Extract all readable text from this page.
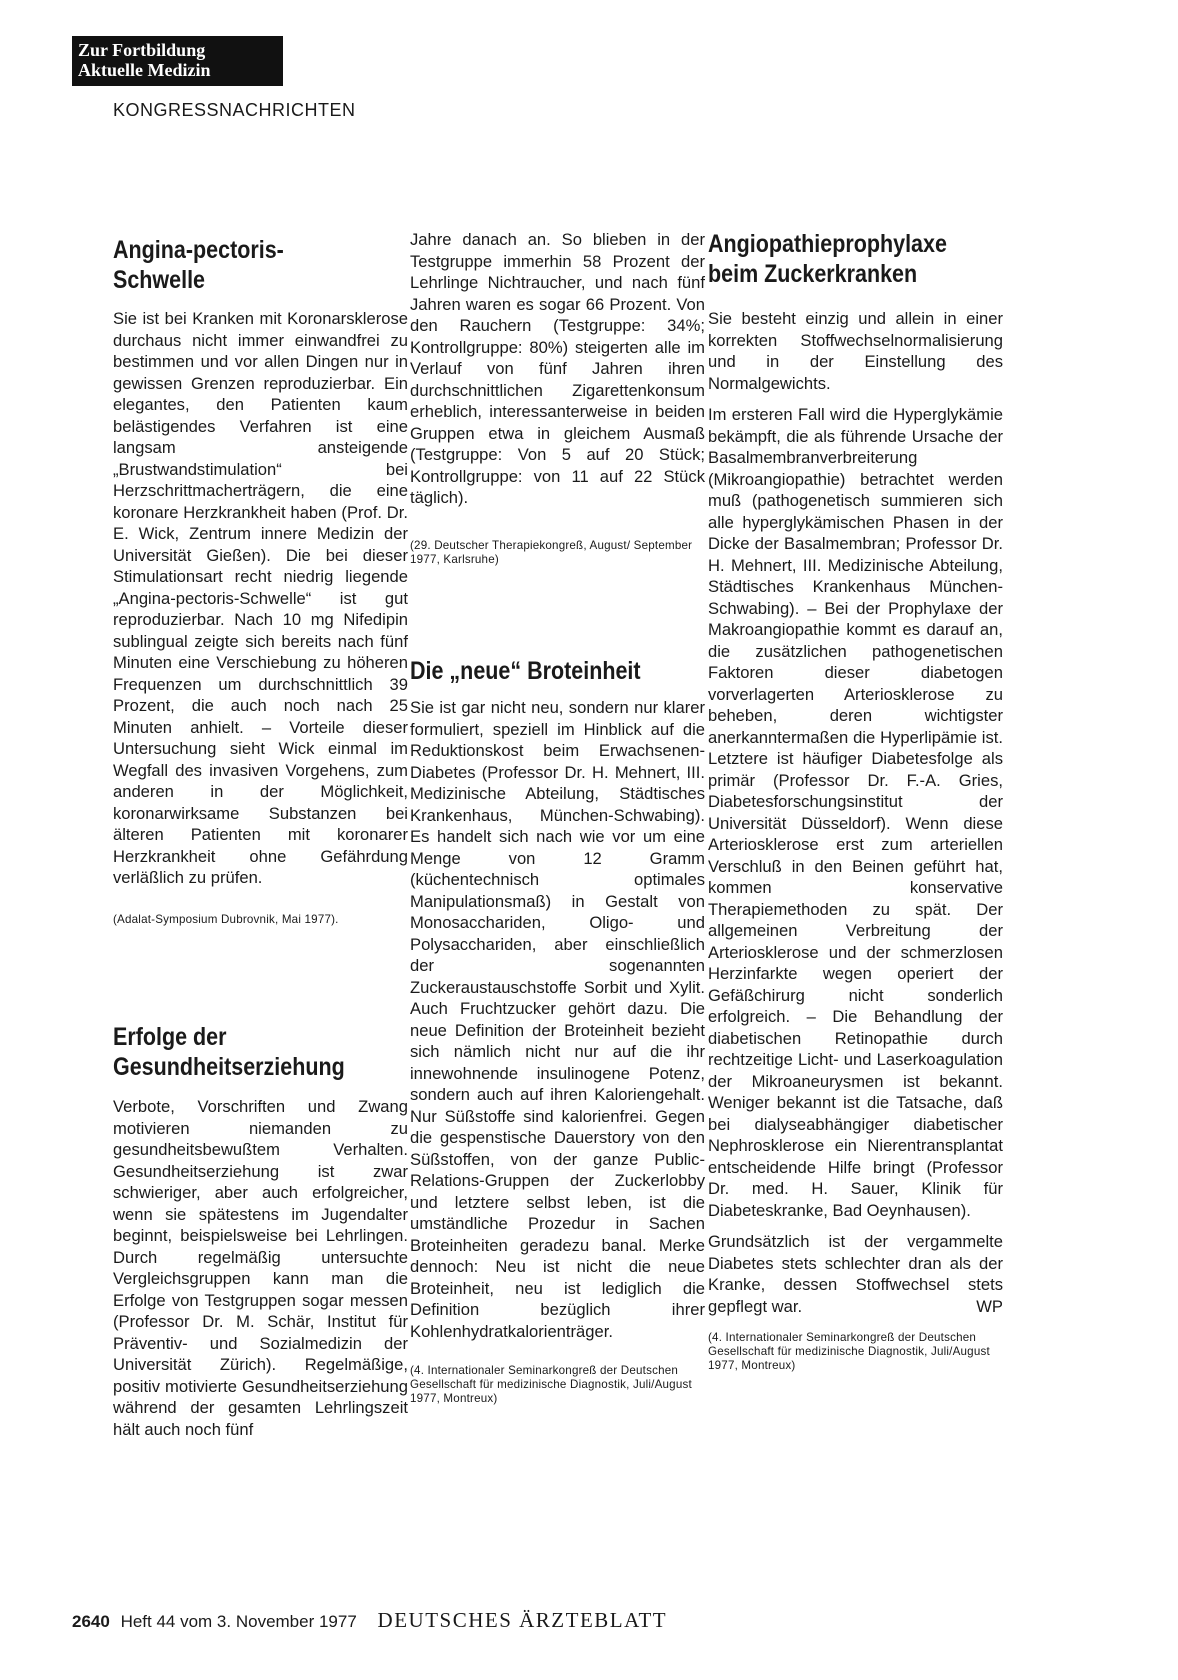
Zur Fortbildung
Aktuelle Medizin
KONGRESSNACHRICHTEN
Angina-pectoris-
Schwelle

Sie ist bei Kranken mit Koronarsklerose durchaus nicht immer einwandfrei zu bestimmen und vor allen Dingen nur in gewissen Grenzen reproduzierbar. Ein elegantes, den Patienten kaum belästigendes Verfahren ist eine langsam ansteigende „Brustwandstimulation“ bei Herzschrittmacherträgern, die eine koronare Herzkrankheit haben (Prof. Dr. E. Wick, Zentrum innere Medizin der Universität Gießen). Die bei dieser Stimulationsart recht niedrig liegende „Angina-pectoris-Schwelle“ ist gut reproduzierbar. Nach 10 mg Nifedipin sublingual zeigte sich bereits nach fünf Minuten eine Verschiebung zu höheren Frequenzen um durchschnittlich 39 Prozent, die auch noch nach 25 Minuten anhielt. – Vorteile dieser Untersuchung sieht Wick einmal im Wegfall des invasiven Vorgehens, zum anderen in der Möglichkeit, koronarwirksame Substanzen bei älteren Patienten mit koronarer Herzkrankheit ohne Gefährdung verläßlich zu prüfen.

(Adalat-Symposium Dubrovnik, Mai 1977).

Erfolge der
Gesundheitserziehung

Verbote, Vorschriften und Zwang motivieren niemanden zu gesundheitsbewußtem Verhalten. Gesundheitserziehung ist zwar schwieriger, aber auch erfolgreicher, wenn sie spätestens im Jugendalter beginnt, beispielsweise bei Lehrlingen. Durch regelmäßig untersuchte Vergleichsgruppen kann man die Erfolge von Testgruppen sogar messen (Professor Dr. M. Schär, Institut für Präventiv- und Sozialmedizin der Universität Zürich). Regelmäßige, positiv motivierte Gesundheitserziehung während der gesamten Lehrlingszeit hält auch noch fünf

Jahre danach an. So blieben in der Testgruppe immerhin 58 Prozent der Lehrlinge Nichtraucher, und nach fünf Jahren waren es sogar 66 Prozent. Von den Rauchern (Testgruppe: 34%; Kontrollgruppe: 80%) steigerten alle im Verlauf von fünf Jahren ihren durchschnittlichen Zigarettenkonsum erheblich, interessanterweise in beiden Gruppen etwa in gleichem Ausmaß (Testgruppe: Von 5 auf 20 Stück; Kontrollgruppe: von 11 auf 22 Stück täglich).

(29. Deutscher Therapiekongreß, August/ September 1977, Karlsruhe)

Die „neue“ Broteinheit

Sie ist gar nicht neu, sondern nur klarer formuliert, speziell im Hinblick auf die Reduktionskost beim Erwachsenen-Diabetes (Professor Dr. H. Mehnert, III. Medizinische Abteilung, Städtisches Krankenhaus, München-Schwabing). Es handelt sich nach wie vor um eine Menge von 12 Gramm (küchentechnisch optimales Manipulationsmaß) in Gestalt von Monosacchariden, Oligo- und Polysacchariden, aber einschließlich der sogenannten Zuckeraustauschstoffe Sorbit und Xylit. Auch Fruchtzucker gehört dazu. Die neue Definition der Broteinheit bezieht sich nämlich nicht nur auf die ihr innewohnende insulinogene Potenz, sondern auch auf ihren Kaloriengehalt. Nur Süßstoffe sind kalorienfrei. Gegen die gespenstische Dauerstory von den Süßstoffen, von der ganze Public-Relations-Gruppen der Zuckerlobby und letztere selbst leben, ist die umständliche Prozedur in Sachen Broteinheiten geradezu banal. Merke dennoch: Neu ist nicht die neue Broteinheit, neu ist lediglich die Definition bezüglich ihrer Kohlenhydratkalorienträger.

(4. Internationaler Seminarkongreß der Deutschen Gesellschaft für medizinische Diagnostik, Juli/August 1977, Montreux)

Angiopathieprophylaxe
beim Zuckerkranken

Sie besteht einzig und allein in einer korrekten Stoffwechselnormalisierung und in der Einstellung des Normalgewichts.

Im ersteren Fall wird die Hyperglykämie bekämpft, die als führende Ursache der Basalmembranverbreiterung (Mikroangiopathie) betrachtet werden muß (pathogenetisch summieren sich alle hyperglykämischen Phasen in der Dicke der Basalmembran; Professor Dr. H. Mehnert, III. Medizinische Abteilung, Städtisches Krankenhaus München-Schwabing). – Bei der Prophylaxe der Makroangiopathie kommt es darauf an, die zusätzlichen pathogenetischen Faktoren dieser diabetogen vorverlagerten Arteriosklerose zu beheben, deren wichtigster anerkanntermaßen die Hyperlipämie ist. Letztere ist häufiger Diabetesfolge als primär (Professor Dr. F.-A. Gries, Diabetesforschungsinstitut der Universität Düsseldorf). Wenn diese Arteriosklerose erst zum arteriellen Verschluß in den Beinen geführt hat, kommen konservative Therapiemethoden zu spät. Der allgemeinen Verbreitung der Arteriosklerose und der schmerzlosen Herzinfarkte wegen operiert der Gefäßchirurg nicht sonderlich erfolgreich. – Die Behandlung der diabetischen Retinopathie durch rechtzeitige Licht- und Laserkoagulation der Mikroaneurysmen ist bekannt. Weniger bekannt ist die Tatsache, daß bei dialyseabhängiger diabetischer Nephrosklerose ein Nierentransplantat entscheidende Hilfe bringt (Professor Dr. med. H. Sauer, Klinik für Diabeteskranke, Bad Oeynhausen).

Grundsätzlich ist der vergammelte Diabetes stets schlechter dran als der Kranke, dessen Stoffwechsel stets gepflegt war.	WP

(4. Internationaler Seminarkongreß der Deutschen Gesellschaft für medizinische Diagnostik, Juli/August 1977, Montreux)

2640 Heft 44 vom 3. November 1977 DEUTSCHES ÄRZTEBLATT
